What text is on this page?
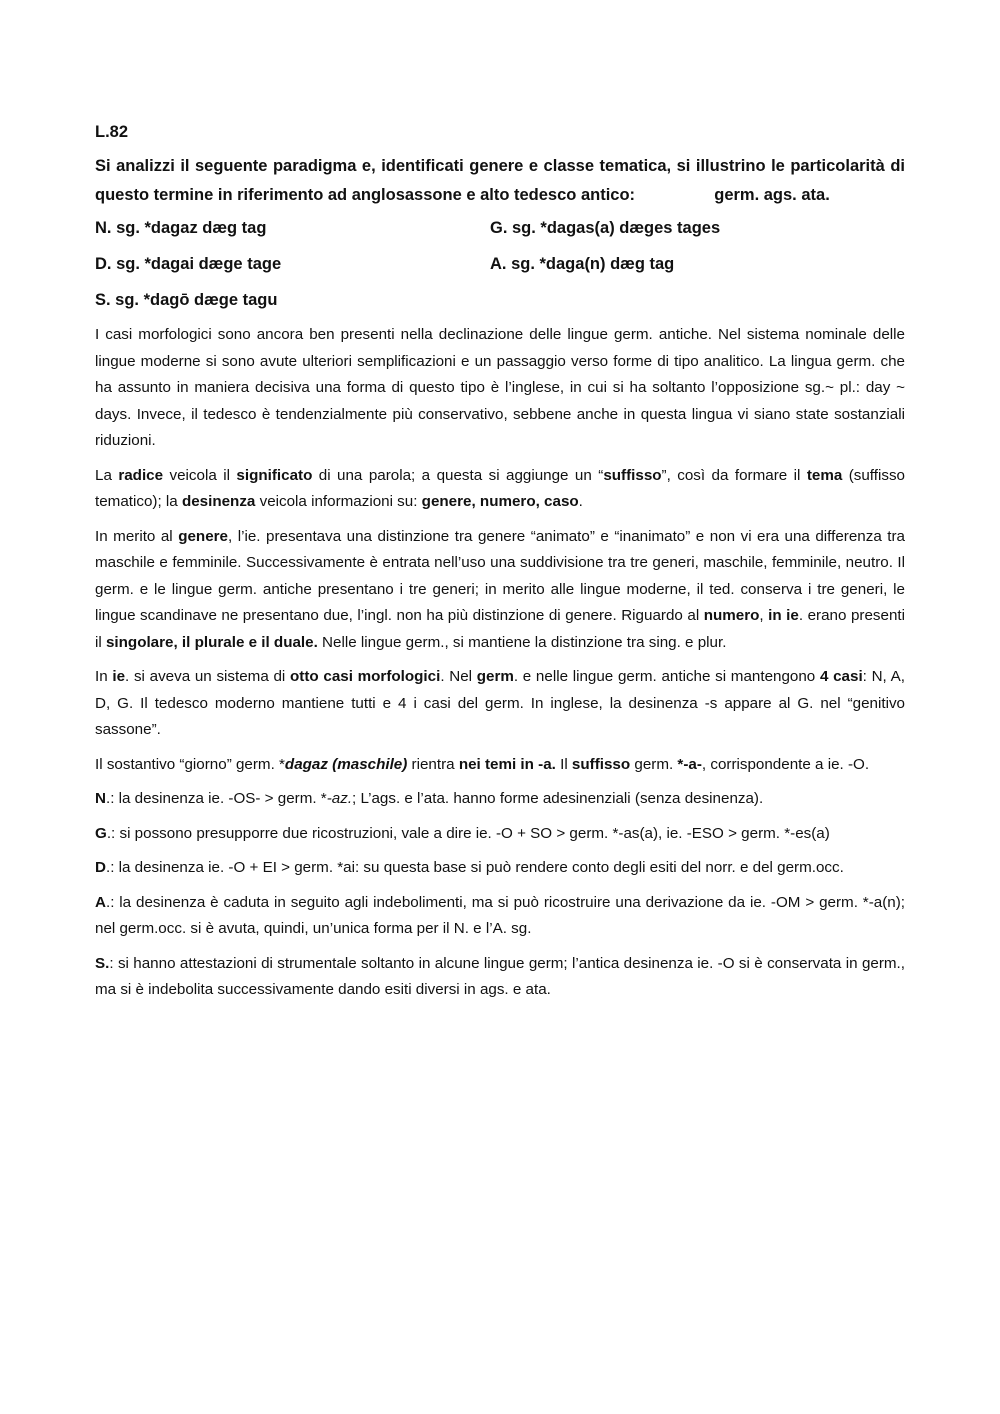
L.82
Si analizzi il seguente paradigma e, identificati genere e classe tematica, si illustrino le particolarità di questo termine in riferimento ad anglosassone e alto tedesco antico:	germ. ags. ata.
N. sg. *dagaz dæg tag	G. sg. *dagas(a) dæges tages
D. sg. *dagai dæge tage	A. sg. *daga(n) dæg tag
S. sg. *dagō dæge tagu

I casi morfologici sono ancora ben presenti nella declinazione delle lingue germ. antiche. Nel sistema nominale delle lingue moderne si sono avute ulteriori semplificazioni e un passaggio verso forme di tipo analitico. La lingua germ. che ha assunto in maniera decisiva una forma di questo tipo è l’inglese, in cui si ha soltanto l’opposizione sg.~ pl.: day ~ days. Invece, il tedesco è tendenzialmente più conservativo, sebbene anche in questa lingua vi siano state sostanziali riduzioni.

La radice veicola il significato di una parola; a questa si aggiunge un “suffisso”, così da formare il tema (suffisso tematico); la desinenza veicola informazioni su: genere, numero, caso.

In merito al genere, l’ie. presentava una distinzione tra genere “animato” e “inanimato” e non vi era una differenza tra maschile e femminile. Successivamente è entrata nell’uso una suddivisione tra tre generi, maschile, femminile, neutro. Il germ. e le lingue germ. antiche presentano i tre generi; in merito alle lingue moderne, il ted. conserva i tre generi, le lingue scandinave ne presentano due, l’ingl. non ha più distinzione di genere. Riguardo al numero, in ie. erano presenti il singolare, il plurale e il duale. Nelle lingue germ., si mantiene la distinzione tra sing. e plur.

In ie. si aveva un sistema di otto casi morfologici. Nel germ. e nelle lingue germ. antiche si mantengono 4 casi: N, A, D, G. Il tedesco moderno mantiene tutti e 4 i casi del germ. In inglese, la desinenza -s appare al G. nel “genitivo sassone”.

Il sostantivo “giorno” germ. *dagaz (maschile) rientra nei temi in -a. Il suffisso germ. *-a-, corrispondente a ie. -O.

N.: la desinenza ie. -OS- > germ. *-az.; L’ags. e l’ata. hanno forme adesinenziali (senza desinenza).

G.: si possono presupporre due ricostruzioni, vale a dire ie. -O + SO > germ. *-as(a), ie. -ESO > germ. *-es(a)

D.: la desinenza ie. -O + EI > germ. *ai: su questa base si può rendere conto degli esiti del norr. e del germ.occ.

A.: la desinenza è caduta in seguito agli indebolimenti, ma si può ricostruire una derivazione da ie. -OM > germ. *-a(n); nel germ.occ. si è avuta, quindi, un’unica forma per il N. e l’A. sg.

S.: si hanno attestazioni di strumentale soltanto in alcune lingue germ; l’antica desinenza ie. -O si è conservata in germ., ma si è indebolita successivamente dando esiti diversi in ags. e ata.
